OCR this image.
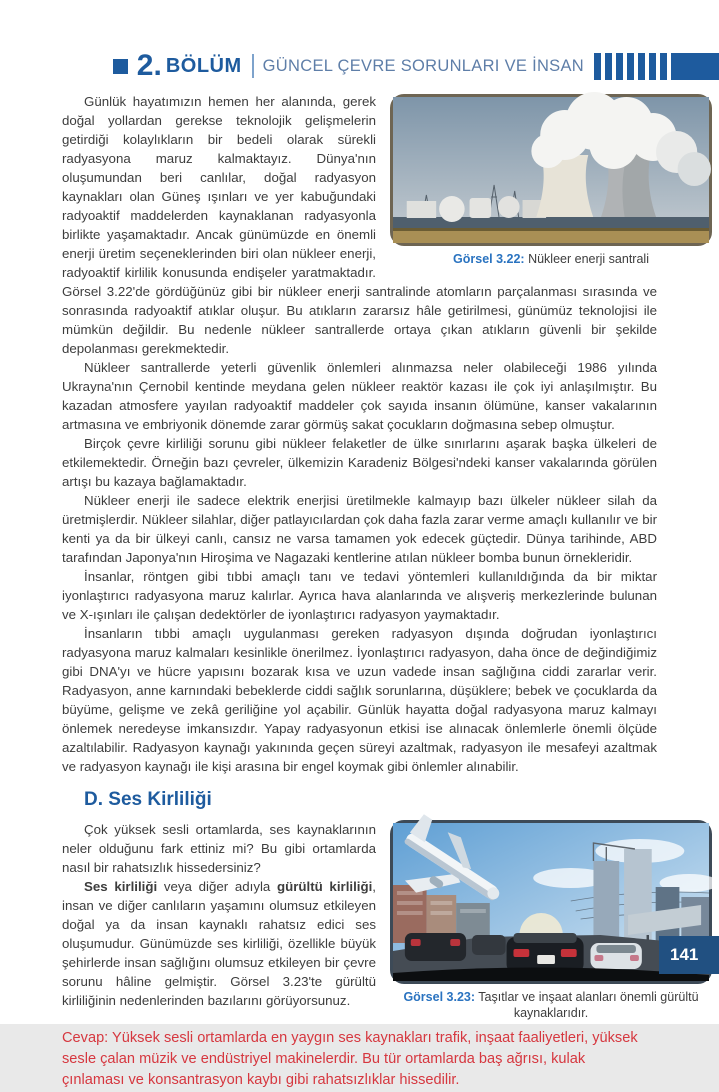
2. BÖLÜM GÜNCEL ÇEVRE SORUNLARI VE İNSAN
Görsel 3.22: Nükleer enerji santrali

Günlük hayatımızın hemen her alanında, gerek doğal yollardan gerekse teknolojik gelişmelerin getirdiği kolaylıkların bir bedeli olarak sürekli radyasyona maruz kalmaktayız. Dünya'nın oluşumundan beri canlılar, doğal radyasyon kaynakları olan Güneş ışınları ve yer kabuğundaki radyoaktif maddelerden kaynaklanan radyasyonla birlikte yaşamaktadır. Ancak günümüzde en önemli enerji üretim seçeneklerinden biri olan nükleer enerji, radyoaktif kirlilik konusunda endişeler yaratmaktadır. Görsel 3.22'de gördüğünüz gibi bir nükleer enerji santralinde atomların parçalanması sırasında ve sonrasında radyoaktif atıklar oluşur. Bu atıkların zararsız hâle getirilmesi, günümüz teknolojisi ile mümkün değildir. Bu nedenle nükleer santrallerde ortaya çıkan atıkların güvenli bir şekilde depolanması gerekmektedir.

Nükleer santrallerde yeterli güvenlik önlemleri alınmazsa neler olabileceği 1986 yılında Ukrayna'nın Çernobil kentinde meydana gelen nükleer reaktör kazası ile çok iyi anlaşılmıştır. Bu kazadan atmosfere yayılan radyoaktif maddeler çok sayıda insanın ölümüne, kanser vakalarının artmasına ve embriyonik dönemde zarar görmüş sakat çocukların doğmasına sebep olmuştur.

Birçok çevre kirliliği sorunu gibi nükleer felaketler de ülke sınırlarını aşarak başka ülkeleri de etkilemektedir. Örneğin bazı çevreler, ülkemizin Karadeniz Bölgesi'ndeki kanser vakalarında görülen artışı bu kazaya bağlamaktadır.

Nükleer enerji ile sadece elektrik enerjisi üretilmekle kalmayıp bazı ülkeler nükleer silah da üretmişlerdir. Nükleer silahlar, diğer patlayıcılardan çok daha fazla zarar verme amaçlı kullanılır ve bir kenti ya da bir ülkeyi canlı, cansız ne varsa tamamen yok edecek güçtedir. Dünya tarihinde, ABD tarafından Japonya'nın Hiroşima ve Nagazaki kentlerine atılan nükleer bomba bunun örnekleridir.

İnsanlar, röntgen gibi tıbbi amaçlı tanı ve tedavi yöntemleri kullanıldığında da bir miktar iyonlaştırıcı radyasyona maruz kalırlar. Ayrıca hava alanlarında ve alışveriş merkezlerinde bulunan ve X-ışınları ile çalışan dedektörler de iyonlaştırıcı radyasyon yaymaktadır.

İnsanların tıbbi amaçlı uygulanması gereken radyasyon dışında doğrudan iyonlaştırıcı radyasyona maruz kalmaları kesinlikle önerilmez. İyonlaştırıcı radyasyon, daha önce de değindiğimiz gibi DNA'yı ve hücre yapısını bozarak kısa ve uzun vadede insan sağlığına ciddi zararlar verir. Radyasyon, anne karnındaki bebeklerde ciddi sağlık sorunlarına, düşüklere; bebek ve çocuklarda da büyüme, gelişme ve zekâ geriliğine yol açabilir. Günlük hayatta doğal radyasyona maruz kalmayı önlemek neredeyse imkansızdır. Yapay radyasyonun etkisi ise alınacak önlemlerle önemli ölçüde azaltılabilir. Radyasyon kaynağı yakınında geçen süreyi azaltmak, radyasyon ile mesafeyi azaltmak ve radyasyon kaynağı ile kişi arasına bir engel koymak gibi önlemler alınabilir.

D. Ses Kirliliği
Görsel 3.23: Taşıtlar ve inşaat alanları önemli gürültü kaynaklarıdır.

Çok yüksek sesli ortamlarda, ses kaynaklarının neler olduğunu fark ettiniz mi? Bu gibi ortamlarda nasıl bir rahatsızlık hissedersiniz?

Ses kirliliği veya diğer adıyla gürültü kirliliği, insan ve diğer canlıların yaşamını olumsuz etkileyen doğal ya da insan kaynaklı rahatsız edici ses oluşumudur. Günümüzde ses kirliliği, özellikle büyük şehirlerde insan sağlığını olumsuz etkileyen bir çevre sorunu hâline gelmiştir. Görsel 3.23'te gürültü kirliliğinin nedenlerinden bazılarını görüyorsunuz.

Cevap: Yüksek sesli ortamlarda en yaygın ses kaynakları trafik, inşaat faaliyetleri, yüksek sesle çalan müzik ve endüstriyel makinelerdir. Bu tür ortamlarda baş ağrısı, kulak çınlaması ve konsantrasyon kaybı gibi rahatsızlıklar hissedilir.

141
